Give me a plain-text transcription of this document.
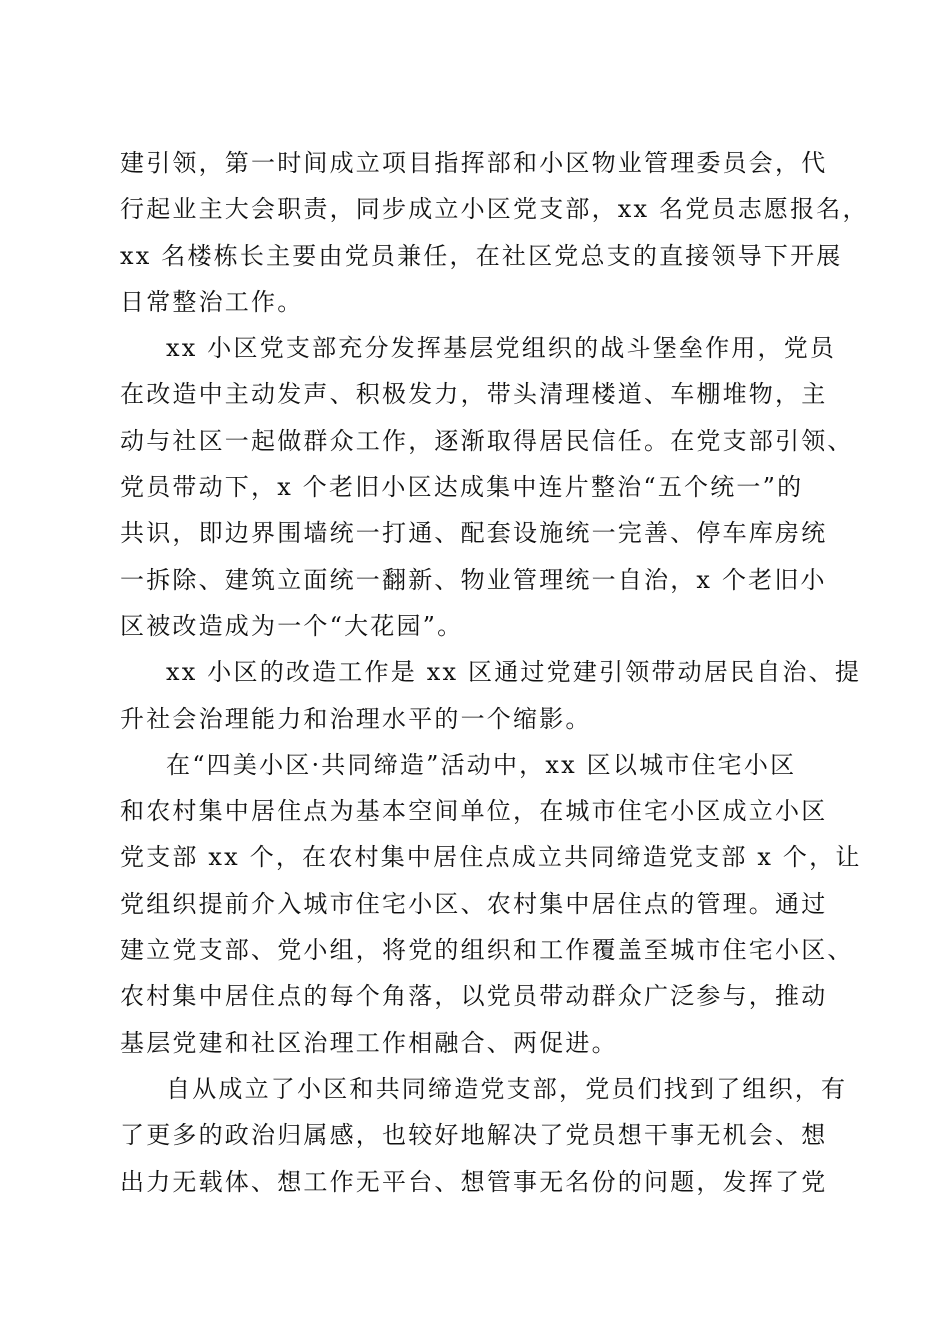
建引领，第一时间成立项目指挥部和小区物业管理委员会，代
行起业主大会职责，同步成立小区党支部，xx 名党员志愿报名，
xx 名楼栋长主要由党员兼任，在社区党总支的直接领导下开展
日常整治工作。
xx 小区党支部充分发挥基层党组织的战斗堡垒作用，党员
在改造中主动发声、积极发力，带头清理楼道、车棚堆物，主
动与社区一起做群众工作，逐渐取得居民信任。在党支部引领、
党员带动下，x 个老旧小区达成集中连片整治“五个统一”的
共识，即边界围墙统一打通、配套设施统一完善、停车库房统
一拆除、建筑立面统一翻新、物业管理统一自治，x 个老旧小
区被改造成为一个“大花园”。
xx 小区的改造工作是 xx 区通过党建引领带动居民自治、提
升社会治理能力和治理水平的一个缩影。
在“四美小区·共同缔造”活动中，xx 区以城市住宅小区
和农村集中居住点为基本空间单位，在城市住宅小区成立小区
党支部 xx 个，在农村集中居住点成立共同缔造党支部 x 个，让
党组织提前介入城市住宅小区、农村集中居住点的管理。通过
建立党支部、党小组，将党的组织和工作覆盖至城市住宅小区、
农村集中居住点的每个角落，以党员带动群众广泛参与，推动
基层党建和社区治理工作相融合、两促进。
自从成立了小区和共同缔造党支部，党员们找到了组织，有
了更多的政治归属感，也较好地解决了党员想干事无机会、想
出力无载体、想工作无平台、想管事无名份的问题，发挥了党
